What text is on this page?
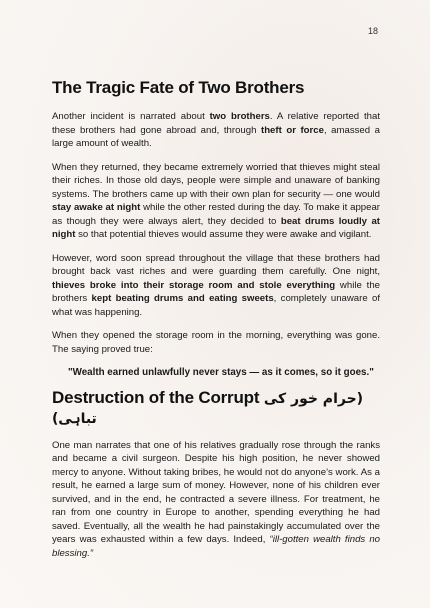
18
The Tragic Fate of Two Brothers

Another incident is narrated about two brothers. A relative reported that these brothers had gone abroad and, through theft or force, amassed a large amount of wealth.

When they returned, they became extremely worried that thieves might steal their riches. In those old days, people were simple and unaware of banking systems. The brothers came up with their own plan for security — one would stay awake at night while the other rested during the day. To make it appear as though they were always alert, they decided to beat drums loudly at night so that potential thieves would assume they were awake and vigilant.

However, word soon spread throughout the village that these brothers had brought back vast riches and were guarding them carefully. One night, thieves broke into their storage room and stole everything while the brothers kept beating drums and eating sweets, completely unaware of what was happening.

When they opened the storage room in the morning, everything was gone. The saying proved true:

"Wealth earned unlawfully never stays — as it comes, so it goes."
Destruction of the Corrupt (حرام خور کی تباہی)

One man narrates that one of his relatives gradually rose through the ranks and became a civil surgeon. Despite his high position, he never showed mercy to anyone. Without taking bribes, he would not do anyone’s work. As a result, he earned a large sum of money. However, none of his children ever survived, and in the end, he contracted a severe illness. For treatment, he ran from one country in Europe to another, spending everything he had saved. Eventually, all the wealth he had painstakingly accumulated over the years was exhausted within a few days. Indeed, “ill-gotten wealth finds no blessing.”
